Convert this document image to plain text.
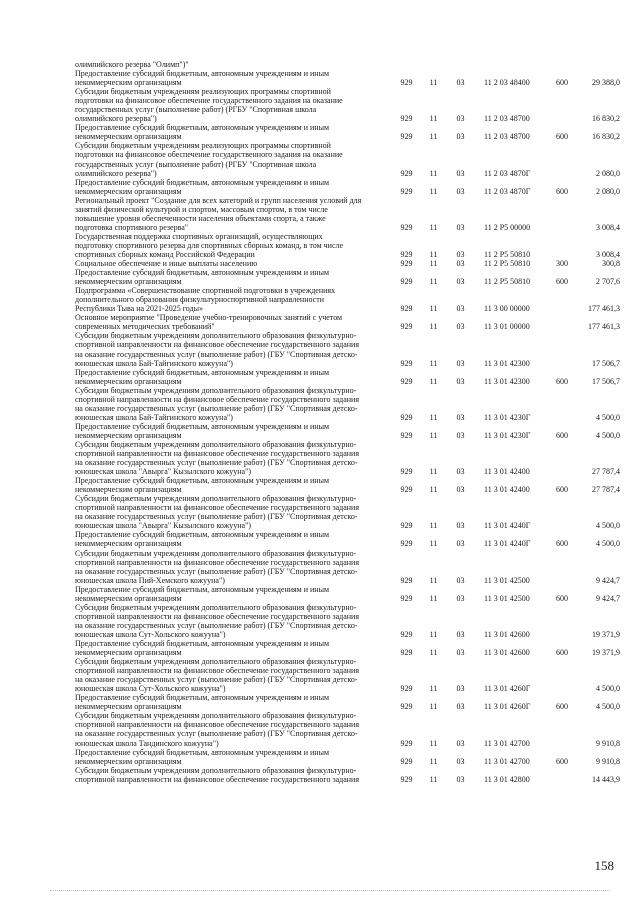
олимпийского резерва "Олимп")"
Предоставление субсидий бюджетным, автономным учреждениям и иным
некоммерческим организациям	929	11	03	11 2 03 48400	600	29 388,0
Субсидии бюджетным учреждениям реализующих программы спортивной
подготовки на финансовое обеспечение государственного задания на оказание
государственных услуг (выполнение работ) (РГБУ "Спортивная школа
олимпийского резерва")	929	11	03	11 2 03 48700	16 830,2
Предоставление субсидий бюджетным, автономным учреждениям и иным
некоммерческим организациям	929	11	03	11 2 03 48700	600	16 830,2
Субсидии бюджетным учреждениям реализующих программы спортивной
подготовки на финансовое обеспечение государственного задания на оказание
государственных услуг (выполнение работ) (РГБУ "Спортивная школа
олимпийского резерва")	929	11	03	11 2 03 4870Г	2 080,0
Предоставление субсидий бюджетным, автономным учреждениям и иным
некоммерческим организациям	929	11	03	11 2 03 4870Г	600	2 080,0
Региональный проект "Создание для всех категорий и групп населения условий для
занятий физической культурой и спортом, массовым спортом, в том числе
повышение уровня обеспеченности населения объектами спорта, а также
подготовка спортивного резерва"	929	11	03	11 2 P5 00000	3 008,4
Государственная поддержка спортивных организаций, осуществляющих
подготовку спортивного резерва для спортивных сборных команд, в том числе
спортивных сборных команд Российской Федерации	929	11	03	11 2 P5 50810	3 008,4
Социальное обеспечение и иные выплаты населению	929	11	03	11 2 P5 50810	300	300,8
Предоставление субсидий бюджетным, автономным учреждениям и иным
некоммерческим организациям	929	11	03	11 2 P5 50810	600	2 707,6
Подпрограмма «Совершенствование спортивной подготовки в учреждениях
дополнительного образования физкультурноспортивной направленности
Республики Тыва на 2021-2025 годы»	929	11	03	11 3 00 00000	177 461,3
Основное мероприятие "Проведение учебно-тренировочных занятий с учетом
современных методических требований"	929	11	03	11 3 01 00000	177 461,3
Субсидии бюджетным учреждениям дополнительного образования физкультурно-
спортивной направленности на финансовое обеспечение государственного задания
на оказание государственных услуг (выполнение работ) (ГБУ "Спортивная детско-
юношеская школа Бай-Тайгинского кожууна")	929	11	03	11 3 01 42300	17 506,7
Предоставление субсидий бюджетным, автономным учреждениям и иным
некоммерческим организациям	929	11	03	11 3 01 42300	600	17 506,7
Субсидии бюджетным учреждениям дополнительного образования физкультурно-
спортивной направленности на финансовое обеспечение государственного задания
на оказание государственных услуг (выполнение работ) (ГБУ "Спортивная детско-
юношеская школа Бай-Тайгинского кожууна")	929	11	03	11 3 01 4230Г	4 500,0
Предоставление субсидий бюджетным, автономным учреждениям и иным
некоммерческим организациям	929	11	03	11 3 01 4230Г	600	4 500,0
Субсидии бюджетным учреждениям дополнительного образования физкультурно-
спортивной направленности на финансовое обеспечение государственного задания
на оказание государственных услуг (выполнение работ) (ГБУ "Спортивная детско-
юношеская школа "Авырга" Кызылского кожууна")	929	11	03	11 3 01 42400	27 787,4
Предоставление субсидий бюджетным, автономным учреждениям и иным
некоммерческим организациям	929	11	03	11 3 01 42400	600	27 787,4
Субсидии бюджетным учреждениям дополнительного образования физкультурно-
спортивной направленности на финансовое обеспечение государственного задания
на оказание государственных услуг (выполнение работ) (ГБУ "Спортивная детско-
юношеская школа "Авырга" Кызылского кожууна")	929	11	03	11 3 01 4240Г	4 500,0
Предоставление субсидий бюджетным, автономным учреждениям и иным
некоммерческим организациям	929	11	03	11 3 01 4240Г	600	4 500,0
Субсидии бюджетным учреждениям дополнительного образования физкультурно-
спортивной направленности на финансовое обеспечение государственного задания
на оказание государственных услуг (выполнение работ) (ГБУ "Спортивная детско-
юношеская школа Пий-Хемского кожууна")	929	11	03	11 3 01 42500	9 424,7
Предоставление субсидий бюджетным, автономным учреждениям и иным
некоммерческим организациям	929	11	03	11 3 01 42500	600	9 424,7
Субсидии бюджетным учреждениям дополнительного образования физкультурно-
спортивной направленности на финансовое обеспечение государственного задания
на оказание государственных услуг (выполнение работ) (ГБУ "Спортивная детско-
юношеская школа Сут-Хольского кожууна")	929	11	03	11 3 01 42600	19 371,9
Предоставление субсидий бюджетным, автономным учреждениям и иным
некоммерческим организациям	929	11	03	11 3 01 42600	600	19 371,9
Субсидии бюджетным учреждениям дополнительного образования физкультурно-
спортивной направленности на финансовое обеспечение государственного задания
на оказание государственных услуг (выполнение работ) (ГБУ "Спортивная детско-
юношеская школа Сут-Хольского кожууна")	929	11	03	11 3 01 4260Г	4 500,0
Предоставление субсидий бюджетным, автономным учреждениям и иным
некоммерческим организациям	929	11	03	11 3 01 4260Г	600	4 500,0
Субсидии бюджетным учреждениям дополнительного образования физкультурно-
спортивной направленности на финансовое обеспечение государственного задания
на оказание государственных услуг (выполнение работ) (ГБУ "Спортивная детско-
юношеская школа Тандинского кожууна")	929	11	03	11 3 01 42700	9 910,8
Предоставление субсидий бюджетным, автономным учреждениям и иным
некоммерческим организациям	929	11	03	11 3 01 42700	600	9 910,8
Субсидии бюджетным учреждениям дополнительного образования физкультурно-
спортивной направленности на финансовое обеспечение государственного задания	929	11	03	11 3 01 42800	14 443,9
158
